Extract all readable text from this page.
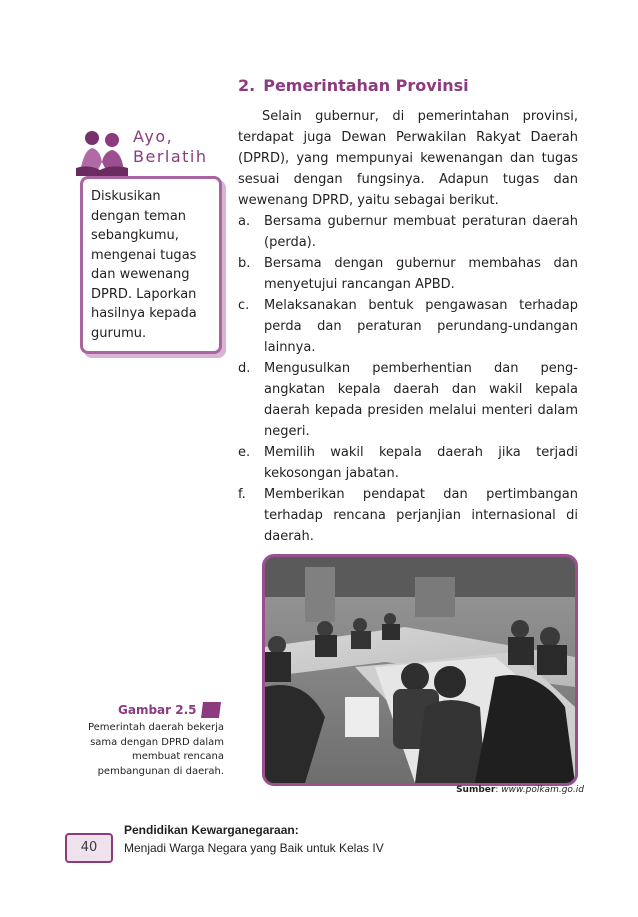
2. Pemerintahan Provinsi

Selain gubernur, di pemerintahan provinsi, terdapat juga Dewan Perwakilan Rakyat Daerah (DPRD), yang mempunyai kewenangan dan tugas sesuai dengan fungsinya. Adapun tugas dan wewenang DPRD, yaitu sebagai berikut.

a. Bersama gubernur membuat peraturan daerah (perda).
b. Bersama dengan gubernur membahas dan menyetujui rancangan APBD.
c. Melaksanakan bentuk pengawasan terhadap perda dan peraturan perundang-undangan lainnya.
d. Mengusulkan pemberhentian dan peng-angkatan kepala daerah dan wakil kepala daerah kepada presiden melalui menteri dalam negeri.
e. Memilih wakil kepala daerah jika terjadi kekosongan jabatan.
f. Memberikan pendapat dan pertimbangan terhadap rencana perjanjian internasional di daerah.
Ayo,
Berlatih
Diskusikan dengan teman sebangkumu, mengenai tugas dan wewenang DPRD. Laporkan hasilnya kepada gurumu.
Gambar 2.5
Pemerintah daerah bekerja sama dengan DPRD dalam membuat rencana pembangunan di daerah.
Sumber: www.polkam.go.id
40
Pendidikan Kewarganegaraan:
Menjadi Warga Negara yang Baik untuk Kelas IV
